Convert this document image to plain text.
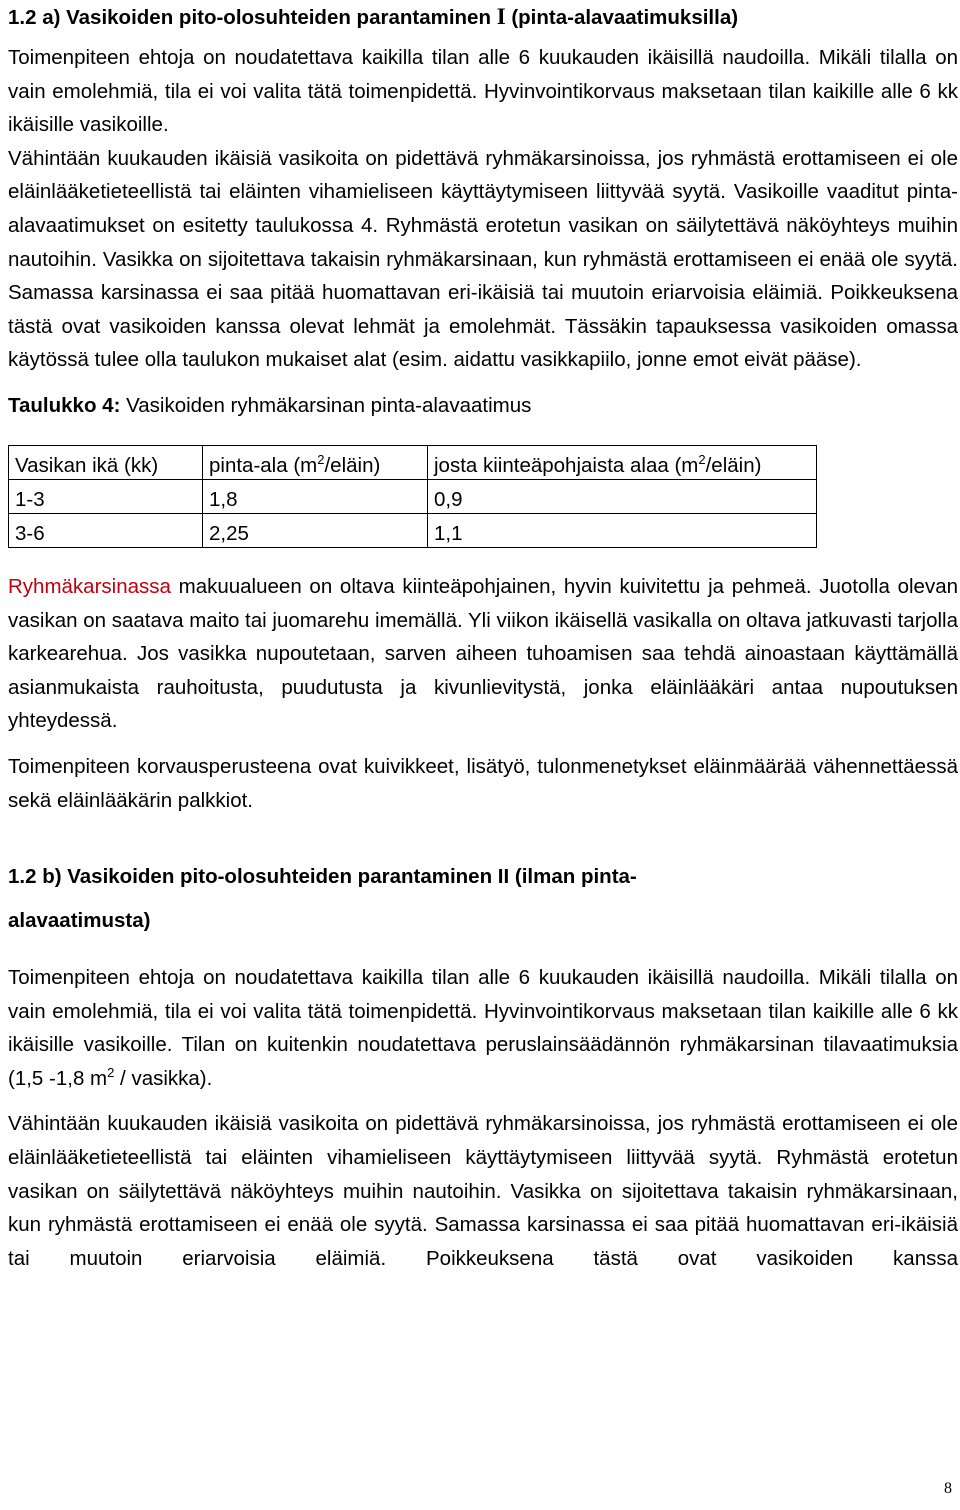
1.2 a) Vasikoiden pito-olosuhteiden parantaminen I (pinta-alavaatimuksilla)

Toimenpiteen ehtoja on noudatettava kaikilla tilan alle 6 kuukauden ikäisillä naudoilla. Mikäli tilalla on vain emolehmiä, tila ei voi valita tätä toimenpidettä. Hyvinvointikorvaus maksetaan tilan kaikille alle 6 kk ikäisille vasikoille.

Vähintään kuukauden ikäisiä vasikoita on pidettävä ryhmäkarsinoissa, jos ryhmästä erottamiseen ei ole eläinlääketieteellistä tai eläinten vihamieliseen käyttäytymiseen liittyvää syytä. Vasikoille vaaditut pinta-alavaatimukset on esitetty taulukossa 4. Ryhmästä erotetun vasikan on säilytettävä näköyhteys muihin nautoihin. Vasikka on sijoitettava takaisin ryhmäkarsinaan, kun ryhmästä erottamiseen ei enää ole syytä. Samassa karsinassa ei saa pitää huomattavan eri-ikäisiä tai muutoin eriarvoisia eläimiä. Poikkeuksena tästä ovat vasikoiden kanssa olevat lehmät ja emolehmät. Tässäkin tapauksessa vasikoiden omassa käytössä tulee olla taulukon mukaiset alat (esim. aidattu vasikkapiilo, jonne emot eivät pääse).

Taulukko 4: Vasikoiden ryhmäkarsinan pinta-alavaatimus
Vasikan ikä (kk)	pinta-ala $(m^2/eläin)$	josta kiinteäpohjaista alaa $(m^2/eläin)$
1-3	1,8	0,9
3-6	2,25	1,1

Ryhmäkarsinassa makuualueen on oltava kiinteäpohjainen, hyvin kuivitettu ja pehmeä. Juotolla olevan vasikan on saatava maito tai juomarehu imemällä. Yli viikon ikäisellä vasikalla on oltava jatkuvasti tarjolla karkearehua. Jos vasikka nupoutetaan, sarven aiheen tuhoamisen saa tehdä ainoastaan käyttämällä asianmukaista rauhoitusta, puudutusta ja kivunlievitystä, jonka eläinlääkäri antaa nupoutuksen yhteydessä.

Toimenpiteen korvausperusteena ovat kuivikkeet, lisätyö, tulonmenetykset eläinmäärää vähennettäessä sekä eläinlääkärin palkkiot.

1.2 b) Vasikoiden pito-olosuhteiden parantaminen II (ilman pinta-
alavaatimusta)

Toimenpiteen ehtoja on noudatettava kaikilla tilan alle 6 kuukauden ikäisillä naudoilla. Mikäli tilalla on vain emolehmiä, tila ei voi valita tätä toimenpidettä. Hyvinvointikorvaus maksetaan tilan kaikille alle 6 kk ikäisille vasikoille. Tilan on kuitenkin noudatettava peruslainsäädännön ryhmäkarsinan tilavaatimuksia (1,5 -1,8 $m^2$ / vasikka).

Vähintään kuukauden ikäisiä vasikoita on pidettävä ryhmäkarsinoissa, jos ryhmästä erottamiseen ei ole eläinlääketieteellistä tai eläinten vihamieliseen käyttäytymiseen liittyvää syytä. Ryhmästä erotetun vasikan on säilytettävä näköyhteys muihin nautoihin. Vasikka on sijoitettava takaisin ryhmäkarsinaan, kun ryhmästä erottamiseen ei enää ole syytä. Samassa karsinassa ei saa pitää huomattavan eri-ikäisiä tai muutoin eriarvoisia eläimiä. Poikkeuksena tästä ovat vasikoiden kanssa

8
